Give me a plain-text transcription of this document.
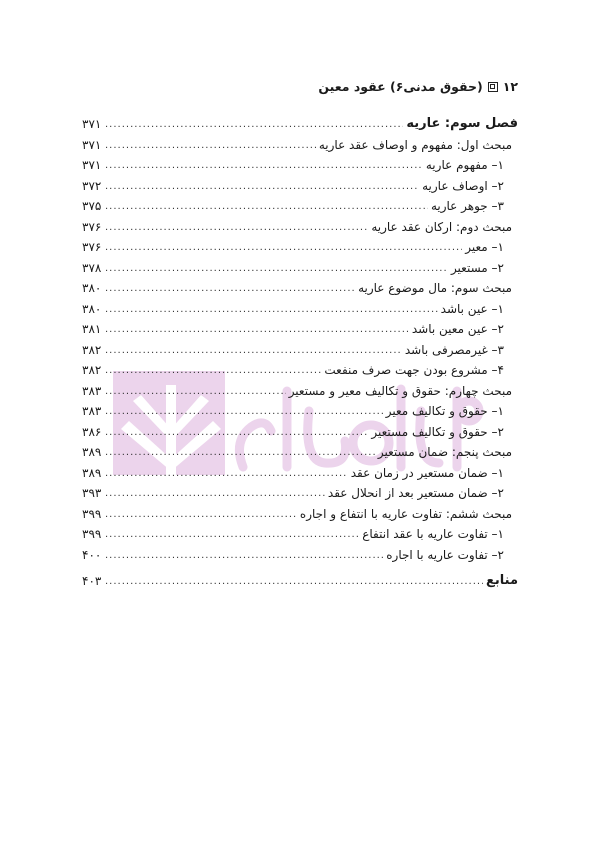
۱۲
(حقوق مدنی۶) عقود معین
فصل سوم: عاریه
.....
۳۷۱
مبحث اول: مفهوم و اوصاف عقد عاریه
.....
۳۷۱
۱– مفهوم عاریه
.....
۳۷۱
۲– اوصاف عاریه
.....
۳۷۲
۳– جوهر عاریه
.....
۳۷۵
مبحث دوم: ارکان عقد عاریه
.....
۳۷۶
۱– معیر
.....
۳۷۶
۲– مستعیر
.....
۳۷۸
مبحث سوم: مال موضوع عاریه
.....
۳۸۰
۱– عین باشد
.....
۳۸۰
۲– عین معین باشد
.....
۳۸۱
۳– غیرمصرفی باشد
.....
۳۸۲
۴– مشروع بودن جهت صرف منفعت
.....
۳۸۲
مبحث چهارم: حقوق و تکالیف معیر و مستعیر
.....
۳۸۳
۱– حقوق و تکالیف معیر
.....
۳۸۳
۲– حقوق و تکالیف مستعیر
.....
۳۸۶
مبحث پنجم: ضمان مستعیر
.....
۳۸۹
۱– ضمان مستعیر در زمان عقد
.....
۳۸۹
۲– ضمان مستعیر بعد از انحلال عقد
.....
۳۹۳
مبحث ششم: تفاوت عاریه با انتفاع و اجاره
.....
۳۹۹
۱– تفاوت عاریه با عقد انتفاع
.....
۳۹۹
۲– تفاوت عاریه با اجاره
.....
۴۰۰
منابع
.....
۴۰۳
